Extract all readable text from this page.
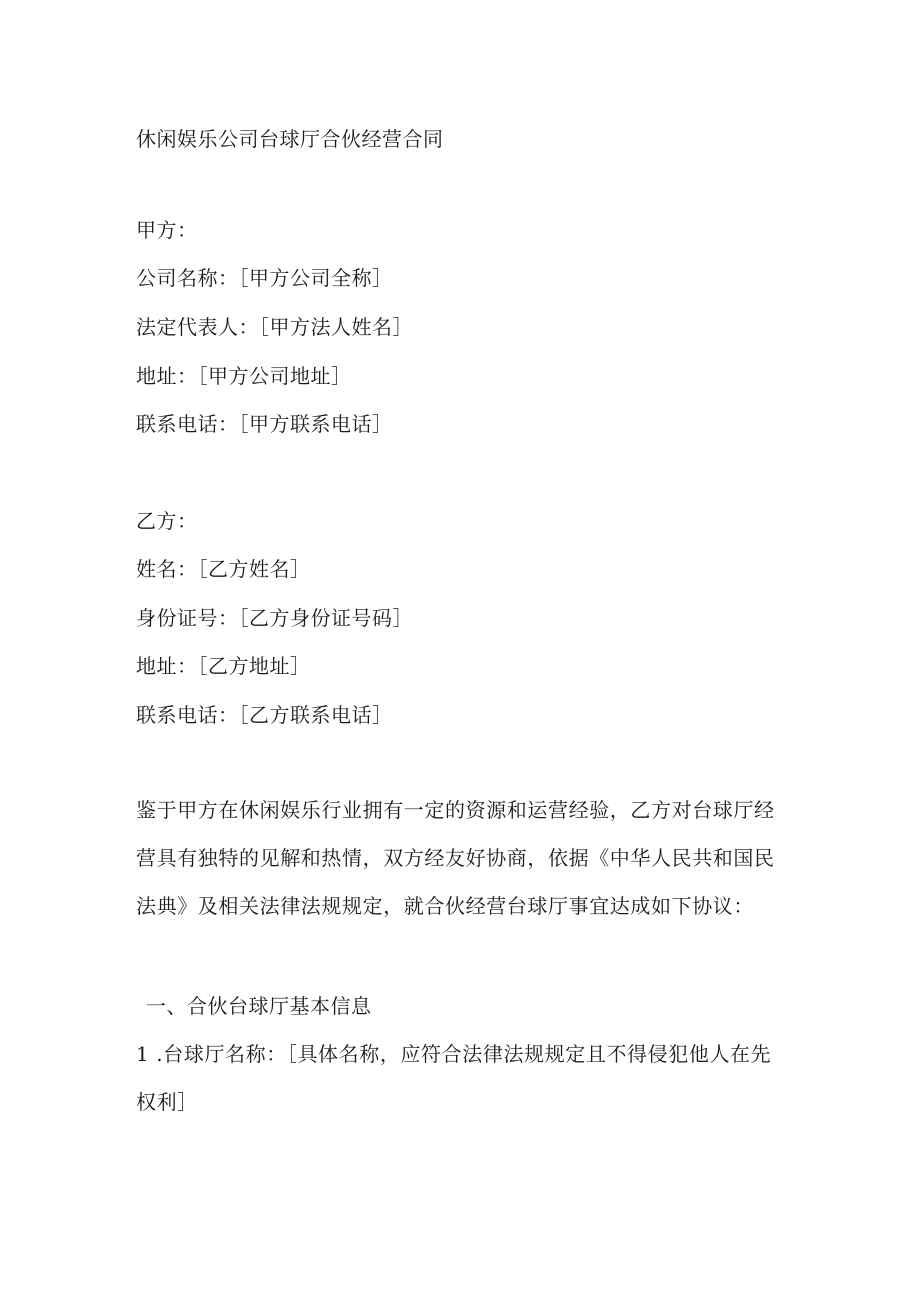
休闲娱乐公司台球厅合伙经营合同
甲方：
公司名称：［甲方公司全称］
法定代表人：［甲方法人姓名］
地址：［甲方公司地址］
联系电话：［甲方联系电话］
乙方：
姓名：［乙方姓名］
身份证号：［乙方身份证号码］
地址：［乙方地址］
联系电话：［乙方联系电话］
鉴于甲方在休闲娱乐行业拥有一定的资源和运营经验，乙方对台球厅经营具有独特的见解和热情，双方经友好协商，依据《中华人民共和国民法典》及相关法律法规规定，就合伙经营台球厅事宜达成如下协议：
一、合伙台球厅基本信息
1 .台球厅名称：［具体名称，应符合法律法规规定且不得侵犯他人在先权利］
